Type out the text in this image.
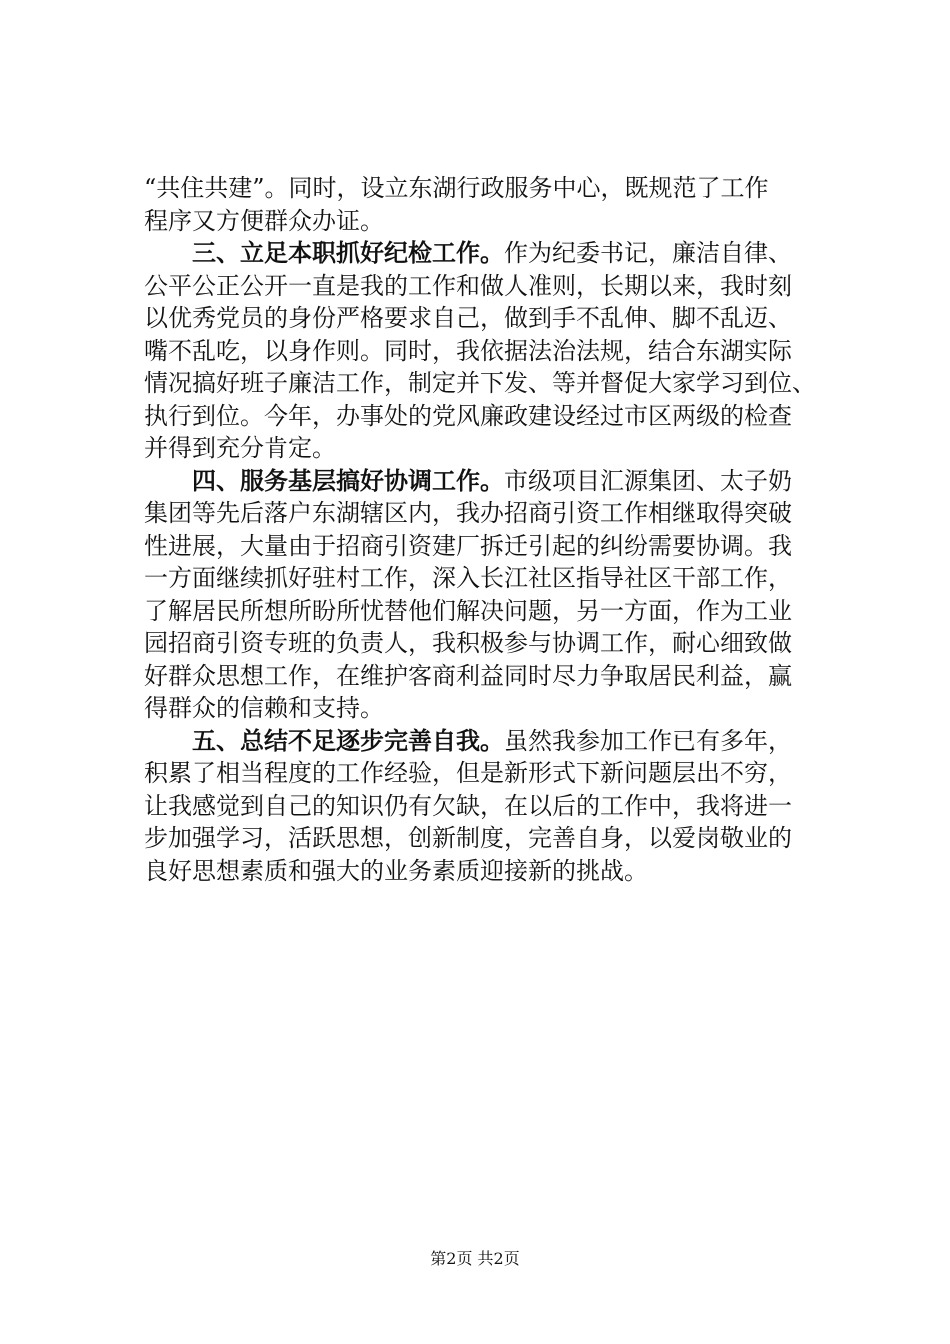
“共住共建”。同时，设立东湖行政服务中心，既规范了工作
程序又方便群众办证。
三、立足本职抓好纪检工作。作为纪委书记，廉洁自律、
公平公正公开一直是我的工作和做人准则，长期以来，我时刻
以优秀党员的身份严格要求自己，做到手不乱伸、脚不乱迈、
嘴不乱吃，以身作则。同时，我依据法治法规，结合东湖实际
情况搞好班子廉洁工作，制定并下发、等并督促大家学习到位、
执行到位。今年，办事处的党风廉政建设经过市区两级的检查
并得到充分肯定。
四、服务基层搞好协调工作。市级项目汇源集团、太子奶
集团等先后落户东湖辖区内，我办招商引资工作相继取得突破
性进展，大量由于招商引资建厂拆迁引起的纠纷需要协调。我
一方面继续抓好驻村工作，深入长江社区指导社区干部工作，
了解居民所想所盼所忧替他们解决问题，另一方面，作为工业
园招商引资专班的负责人，我积极参与协调工作，耐心细致做
好群众思想工作，在维护客商利益同时尽力争取居民利益，赢
得群众的信赖和支持。
五、总结不足逐步完善自我。虽然我参加工作已有多年，
积累了相当程度的工作经验，但是新形式下新问题层出不穷，
让我感觉到自己的知识仍有欠缺，在以后的工作中，我将进一
步加强学习，活跃思想，创新制度，完善自身，以爱岗敬业的
良好思想素质和强大的业务素质迎接新的挑战。
第2页 共2页
